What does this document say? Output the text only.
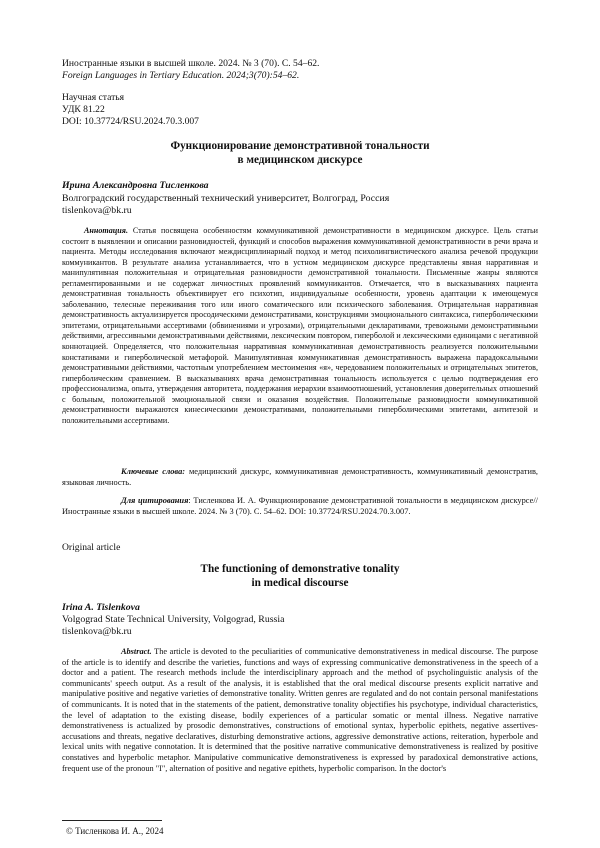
Иностранные языки в высшей школе. 2024. № 3 (70). С. 54–62.

Foreign Languages in Tertiary Education. 2024;3(70):54–62.

Научная статья

УДК 81.22

DOI: 10.37724/RSU.2024.70.3.007

Функционирование демонстративной тональности

в медицинском дискурсе

Ирина Александровна Тисленкова

Волгоградский государственный технический университет, Волгоград, Россия

tislenkova@bk.ru

Аннотация. Статья посвящена особенностям коммуникативной демонстративности в медицинском дискурсе. Цель статьи состоит в выявлении и описании разновидностей, функций и способов выражения коммуникативной демонстративности в речи врача и пациента. Методы исследования включают междисциплинарный подход и метод психолингвистического анализа речевой продукции коммуникантов. В результате анализа устанавливается, что в устном медицинском дискурсе представлены явная нарративная и манипулятивная положительная и отрицательная разновидности демонстративной тональности. Письменные жанры являются регламентированными и не содержат личностных проявлений коммуникантов. Отмечается, что в высказываниях пациента демонстративная тональность объективирует его психотип, индивидуальные особенности, уровень адаптации к имеющемуся заболеванию, телесные переживания того или иного соматического или психического заболевания. Отрицательная нарративная демонстративность актуализируется просодическими демонстративами, конструкциями эмоционального синтаксиса, гиперболическими эпитетами, отрицательными ассертивами (обвинениями и угрозами), отрицательными декларативами, тревожными демонстративными действиями, агрессивными демонстративными действиями, лексическим повтором, гиперболой и лексическими единицами с негативной коннотацией. Определяется, что положительная нарративная коммуникативная демонстративность реализуется положительными констативами и гиперболической метафорой. Манипулятивная коммуникативная демонстративность выражена парадоксальными демонстративными действиями, частотным употреблением местоимения «я», чередованием положительных и отрицательных эпитетов, гиперболическим сравнением. В высказываниях врача демонстративная тональность используется с целью подтверждения его профессионализма, опыта, утверждения авторитета, поддержания иерархии взаимоотношений, установления доверительных отношений с больным, положительной эмоциональной связи и оказания воздействия. Положительные разновидности коммуникативной демонстративности выражаются кинесическими демонстративами, положительными гиперболическими эпитетами, антитезой и положительными ассертивами.

Ключевые слова: медицинский дискурс, коммуникативная демонстративность, коммуникативный демонстратив, языковая личность.

Для цитирования: Тисленкова И. А. Функционирование демонстративной тональности в медицинском дискурсе// Иностранные языки в высшей школе. 2024. № 3 (70). С. 54–62. DOI: 10.37724/RSU.2024.70.3.007.

Original article

The functioning of demonstrative tonality

in medical discourse

Irina A. Tislenkova

Volgograd State Technical University, Volgograd, Russia

tislenkova@bk.ru

Abstract. The article is devoted to the peculiarities of communicative demonstrativeness in medical discourse. The purpose of the article is to identify and describe the varieties, functions and ways of expressing communicative demonstrativeness in the speech of a doctor and a patient. The research methods include the interdisciplinary approach and the method of psycholinguistic analysis of the communicants' speech output. As a result of the analysis, it is established that the oral medical discourse presents explicit narrative and manipulative positive and negative varieties of demonstrative tonality. Written genres are regulated and do not contain personal manifestations of communicants. It is noted that in the statements of the patient, demonstrative tonality objectifies his psychotype, individual characteristics, the level of adaptation to the existing disease, bodily experiences of a particular somatic or mental illness. Negative narrative demonstrativeness is actualized by prosodic demonstratives, constructions of emotional syntax, hyperbolic epithets, negative assertives-accusations and threats, negative declaratives, disturbing demonstrative actions, aggressive demonstrative actions, reiteration, hyperbole and lexical units with negative connotation. It is determined that the positive narrative communicative demonstrativeness is realized by positive constatives and hyperbolic metaphor. Manipulative communicative demonstrativeness is expressed by paradoxical demonstrative actions, frequent use of the pronoun "I", alternation of positive and negative epithets, hyperbolic comparison. In the doctor's

© Тисленкова И. А., 2024
